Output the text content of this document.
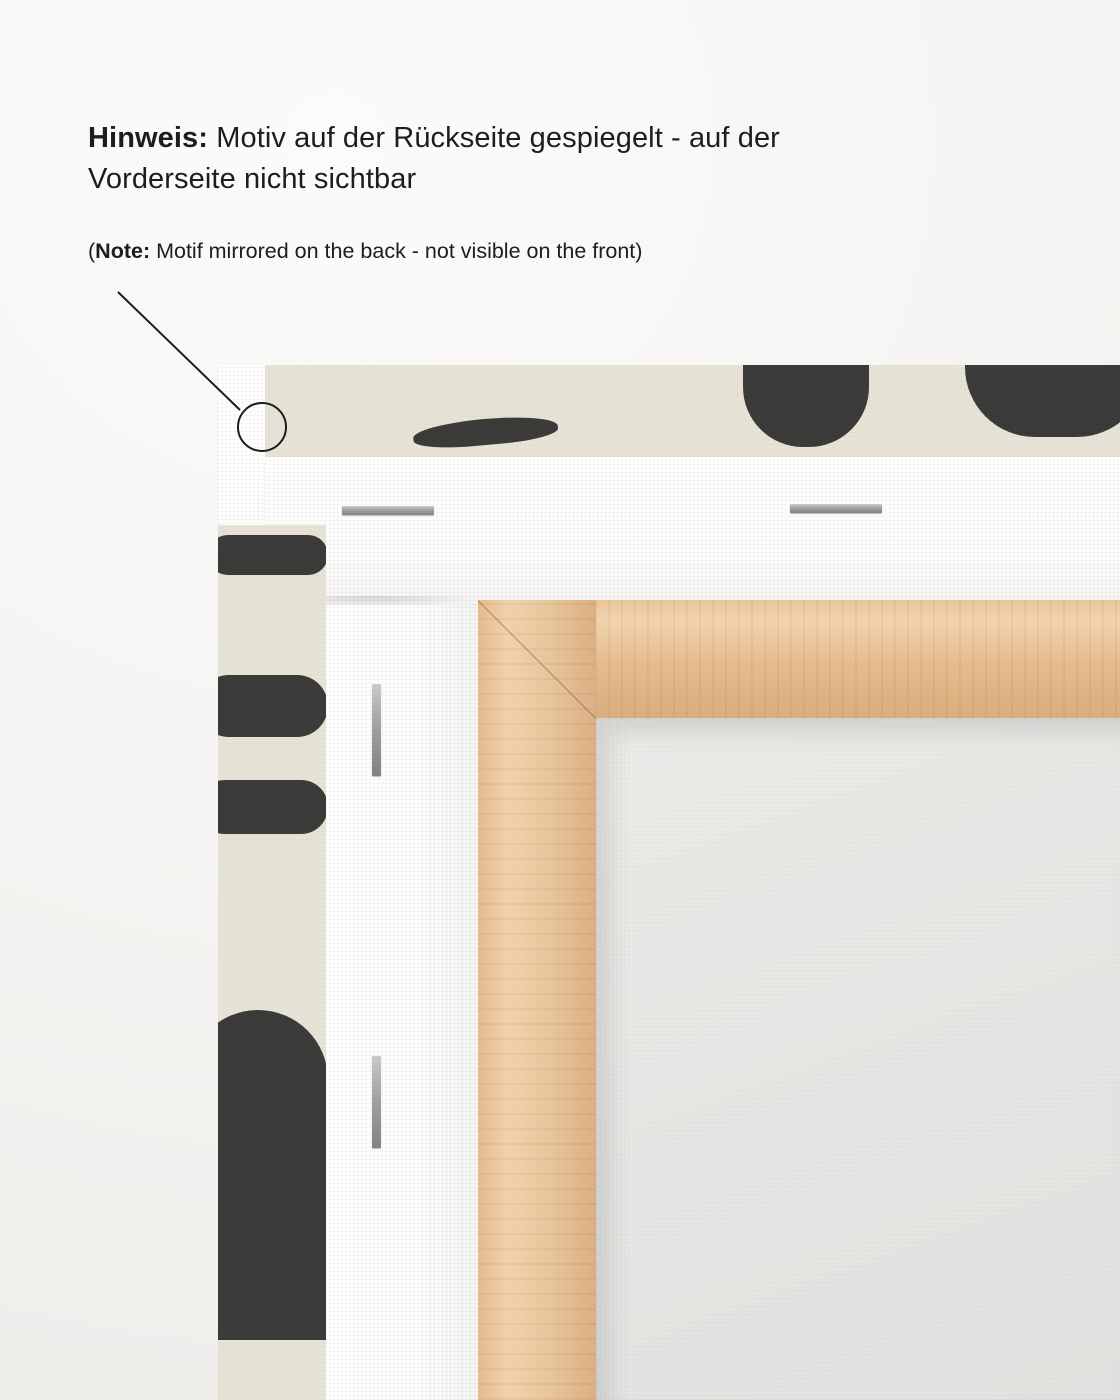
Hinweis: Motiv auf der Rückseite gespiegelt - auf der Vorderseite nicht sichtbar
(Note: Motif mirrored on the back - not visible on the front)
